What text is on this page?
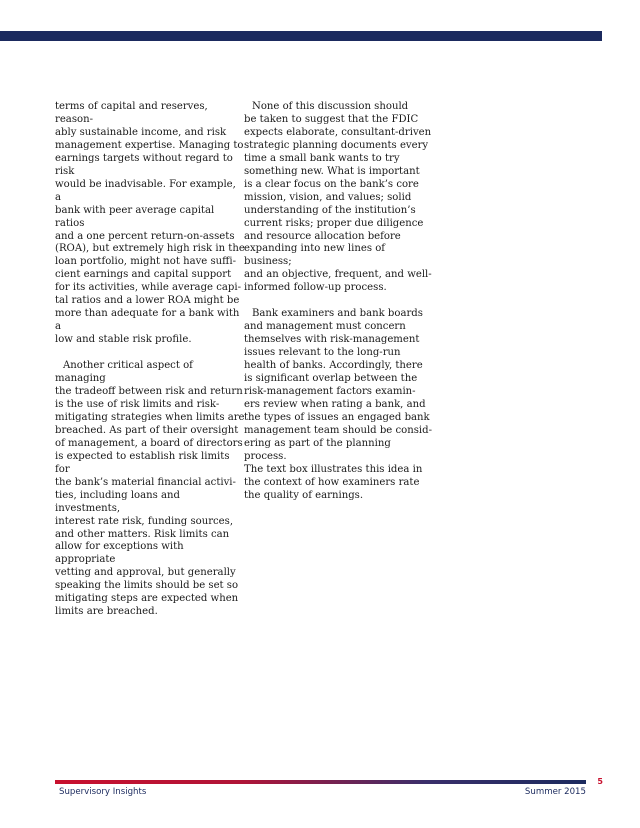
terms of capital and reserves, reason-
ably sustainable income, and risk
management expertise. Managing to
earnings targets without regard to risk
would be inadvisable. For example, a
bank with peer average capital ratios
and a one percent return-on-assets
(ROA), but extremely high risk in the
loan portfolio, might not have suffi-
cient earnings and capital support
for its activities, while average capi-
tal ratios and a lower ROA might be
more than adequate for a bank with a
low and stable risk profile.

Another critical aspect of managing
the tradeoff between risk and return
is the use of risk limits and risk-
mitigating strategies when limits are
breached. As part of their oversight
of management, a board of directors
is expected to establish risk limits for
the bank’s material financial activi-
ties, including loans and investments,
interest rate risk, funding sources,
and other matters. Risk limits can
allow for exceptions with appropriate
vetting and approval, but generally
speaking the limits should be set so
mitigating steps are expected when
limits are breached.

None of this discussion should
be taken to suggest that the FDIC
expects elaborate, consultant-driven
strategic planning documents every
time a small bank wants to try
something new. What is important
is a clear focus on the bank’s core
mission, vision, and values; solid
understanding of the institution’s
current risks; proper due diligence
and resource allocation before
expanding into new lines of business;
and an objective, frequent, and well-
informed follow-up process.

Bank examiners and bank boards
and management must concern
themselves with risk-management
issues relevant to the long-run
health of banks. Accordingly, there
is significant overlap between the
risk-management factors examin-
ers review when rating a bank, and
the types of issues an engaged bank
management team should be consid-
ering as part of the planning process.
The text box illustrates this idea in
the context of how examiners rate
the quality of earnings.

5
Supervisory Insights	Summer 2015
